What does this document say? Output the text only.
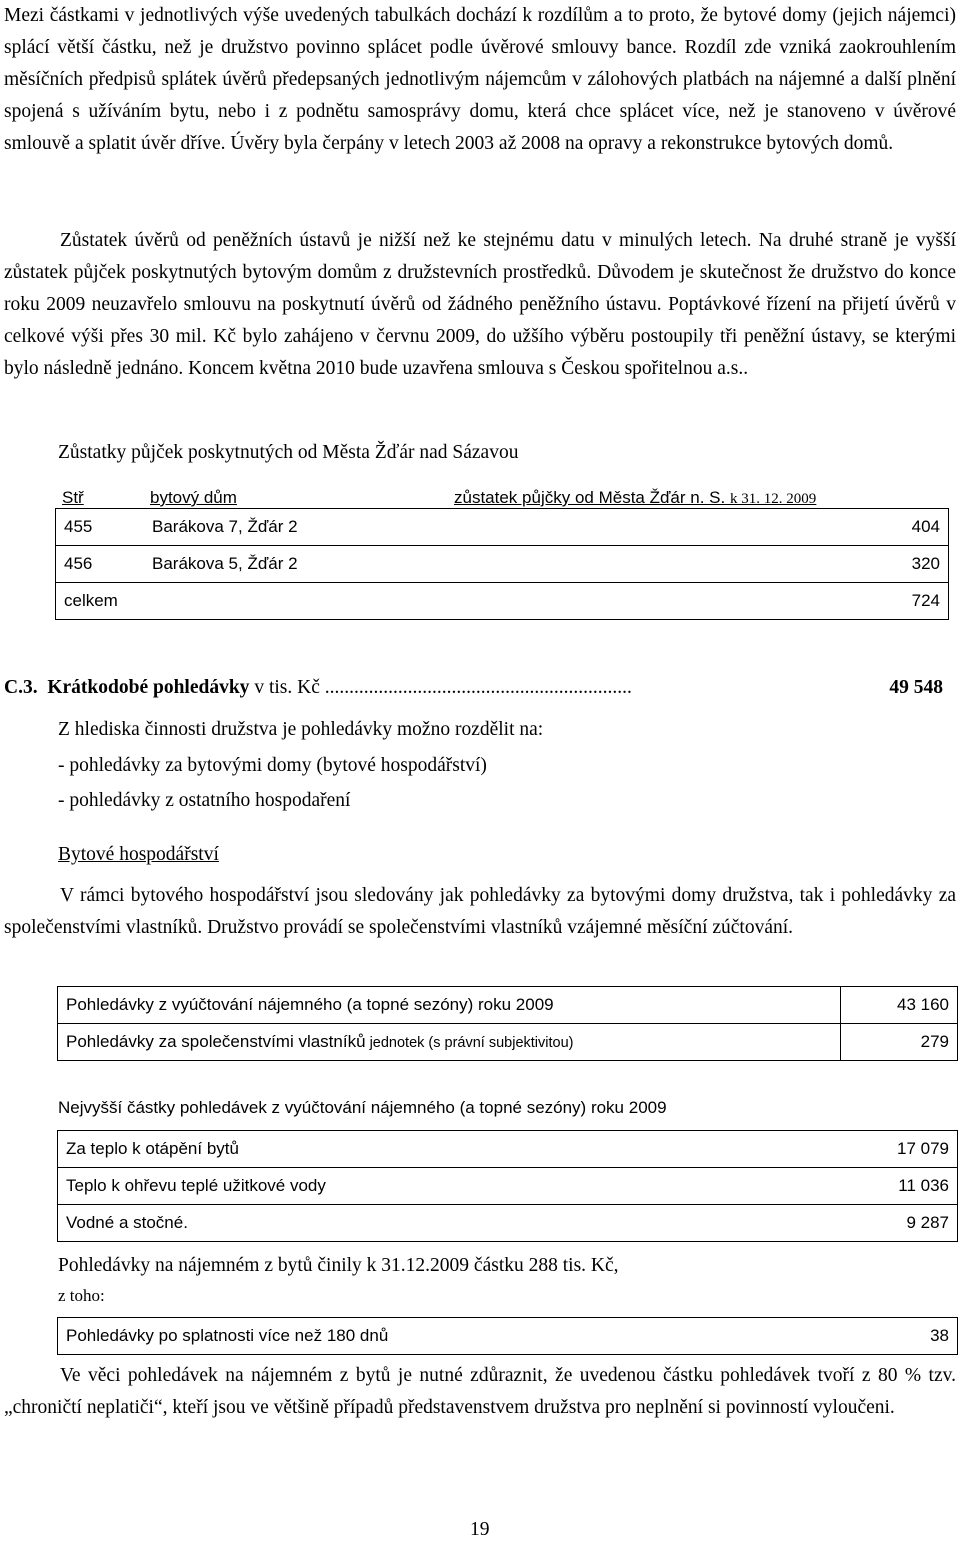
Mezi částkami v jednotlivých výše uvedených tabulkách dochází k rozdílům a to proto, že bytové domy (jejich nájemci) splácí větší částku, než je družstvo povinno splácet podle úvěrové smlouvy bance. Rozdíl zde vzniká zaokrouhlením měsíčních předpisů splátek úvěrů předepsaných jednotlivým nájemcům v zálohových platbách na nájemné a další plnění spojená s užíváním bytu, nebo i z podnětu samosprávy domu, která chce splácet více, než je stanoveno v úvěrové smlouvě a splatit úvěr dříve. Úvěry byla čerpány v letech 2003 až 2008 na opravy a rekonstrukce bytových domů.

Zůstatek úvěrů od peněžních ústavů je nižší než ke stejnému datu v minulých letech. Na druhé straně je vyšší zůstatek půjček poskytnutých bytovým domům z družstevních prostředků. Důvodem je skutečnost že družstvo do konce roku 2009 neuzavřelo smlouvu na poskytnutí úvěrů od žádného peněžního ústavu. Poptávkové řízení na přijetí úvěrů v celkové výši přes 30 mil. Kč bylo zahájeno v červnu 2009, do užšího výběru postoupily tři peněžní ústavy, se kterými bylo následně jednáno. Koncem května 2010 bude uzavřena smlouva s Českou spořitelnou a.s..

Zůstatky půjček poskytnutých od Města Žďár nad Sázavou
Stř	bytový dům	zůstatek půjčky od Města Žďár n. S. k 31. 12. 2009
455	Barákova 7, Žďár 2	404
456	Barákova 5, Žďár 2	320
celkem		724
C.3. Krátkodobé pohledávky v tis. Kč ...............................................................	49 548
Z hlediska činnosti družstva je pohledávky možno rozdělit na:
- pohledávky za bytovými domy (bytové hospodářství)
- pohledávky z ostatního hospodaření
Bytové hospodářství

V rámci bytového hospodářství jsou sledovány jak pohledávky za bytovými domy družstva, tak i pohledávky za společenstvími vlastníků. Družstvo provádí se společenstvími vlastníků vzájemné měsíční zúčtování.

Pohledávky z vyúčtování nájemného (a topné sezóny) roku 2009	43 160
Pohledávky za společenstvími vlastníků jednotek (s právní subjektivitou)	279
Nejvyšší částky pohledávek z vyúčtování nájemného (a topné sezóny) roku 2009
Za teplo k otápění bytů	17 079
Teplo k ohřevu teplé užitkové vody	11 036
Vodné a stočné.	9 287
Pohledávky na nájemném z bytů činily k 31.12.2009 částku 288 tis. Kč,
z toho:
Pohledávky po splatnosti více než 180 dnů	38

Ve věci pohledávek na nájemném z bytů je nutné zdůraznit, že uvedenou částku pohledávek tvoří z 80 % tzv. „chroničtí neplatiči“, kteří jsou ve většině případů představenstvem družstva pro neplnění si povinností vyloučeni.

19
